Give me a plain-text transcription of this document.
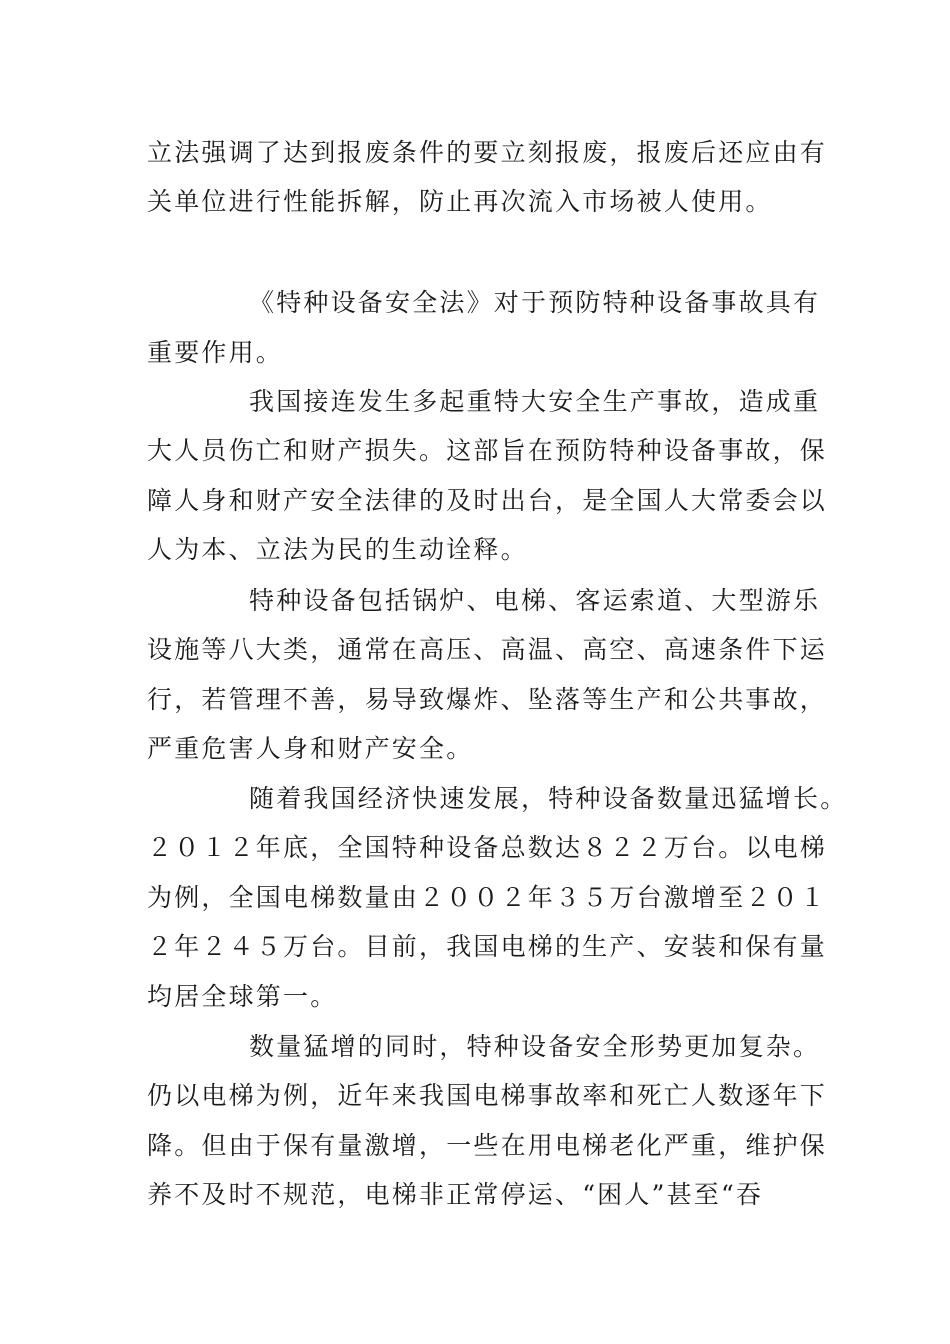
立法强调了达到报废条件的要立刻报废，报废后还应由有
关单位进行性能拆解，防止再次流入市场被人使用。
《特种设备安全法》对于预防特种设备事故具有
重要作用。
我国接连发生多起重特大安全生产事故，造成重
大人员伤亡和财产损失。这部旨在预防特种设备事故，保
障人身和财产安全法律的及时出台，是全国人大常委会以
人为本、立法为民的生动诠释。
特种设备包括锅炉、电梯、客运索道、大型游乐
设施等八大类，通常在高压、高温、高空、高速条件下运
行，若管理不善，易导致爆炸、坠落等生产和公共事故，
严重危害人身和财产安全。
随着我国经济快速发展，特种设备数量迅猛增长。
２０１２年底，全国特种设备总数达８２２万台。以电梯
为例，全国电梯数量由２００２年３５万台激增至２０１
２年２４５万台。目前，我国电梯的生产、安装和保有量
均居全球第一。
数量猛增的同时，特种设备安全形势更加复杂。
仍以电梯为例，近年来我国电梯事故率和死亡人数逐年下
降。但由于保有量激增，一些在用电梯老化严重，维护保
养不及时不规范，电梯非正常停运、“困人”甚至“吞
